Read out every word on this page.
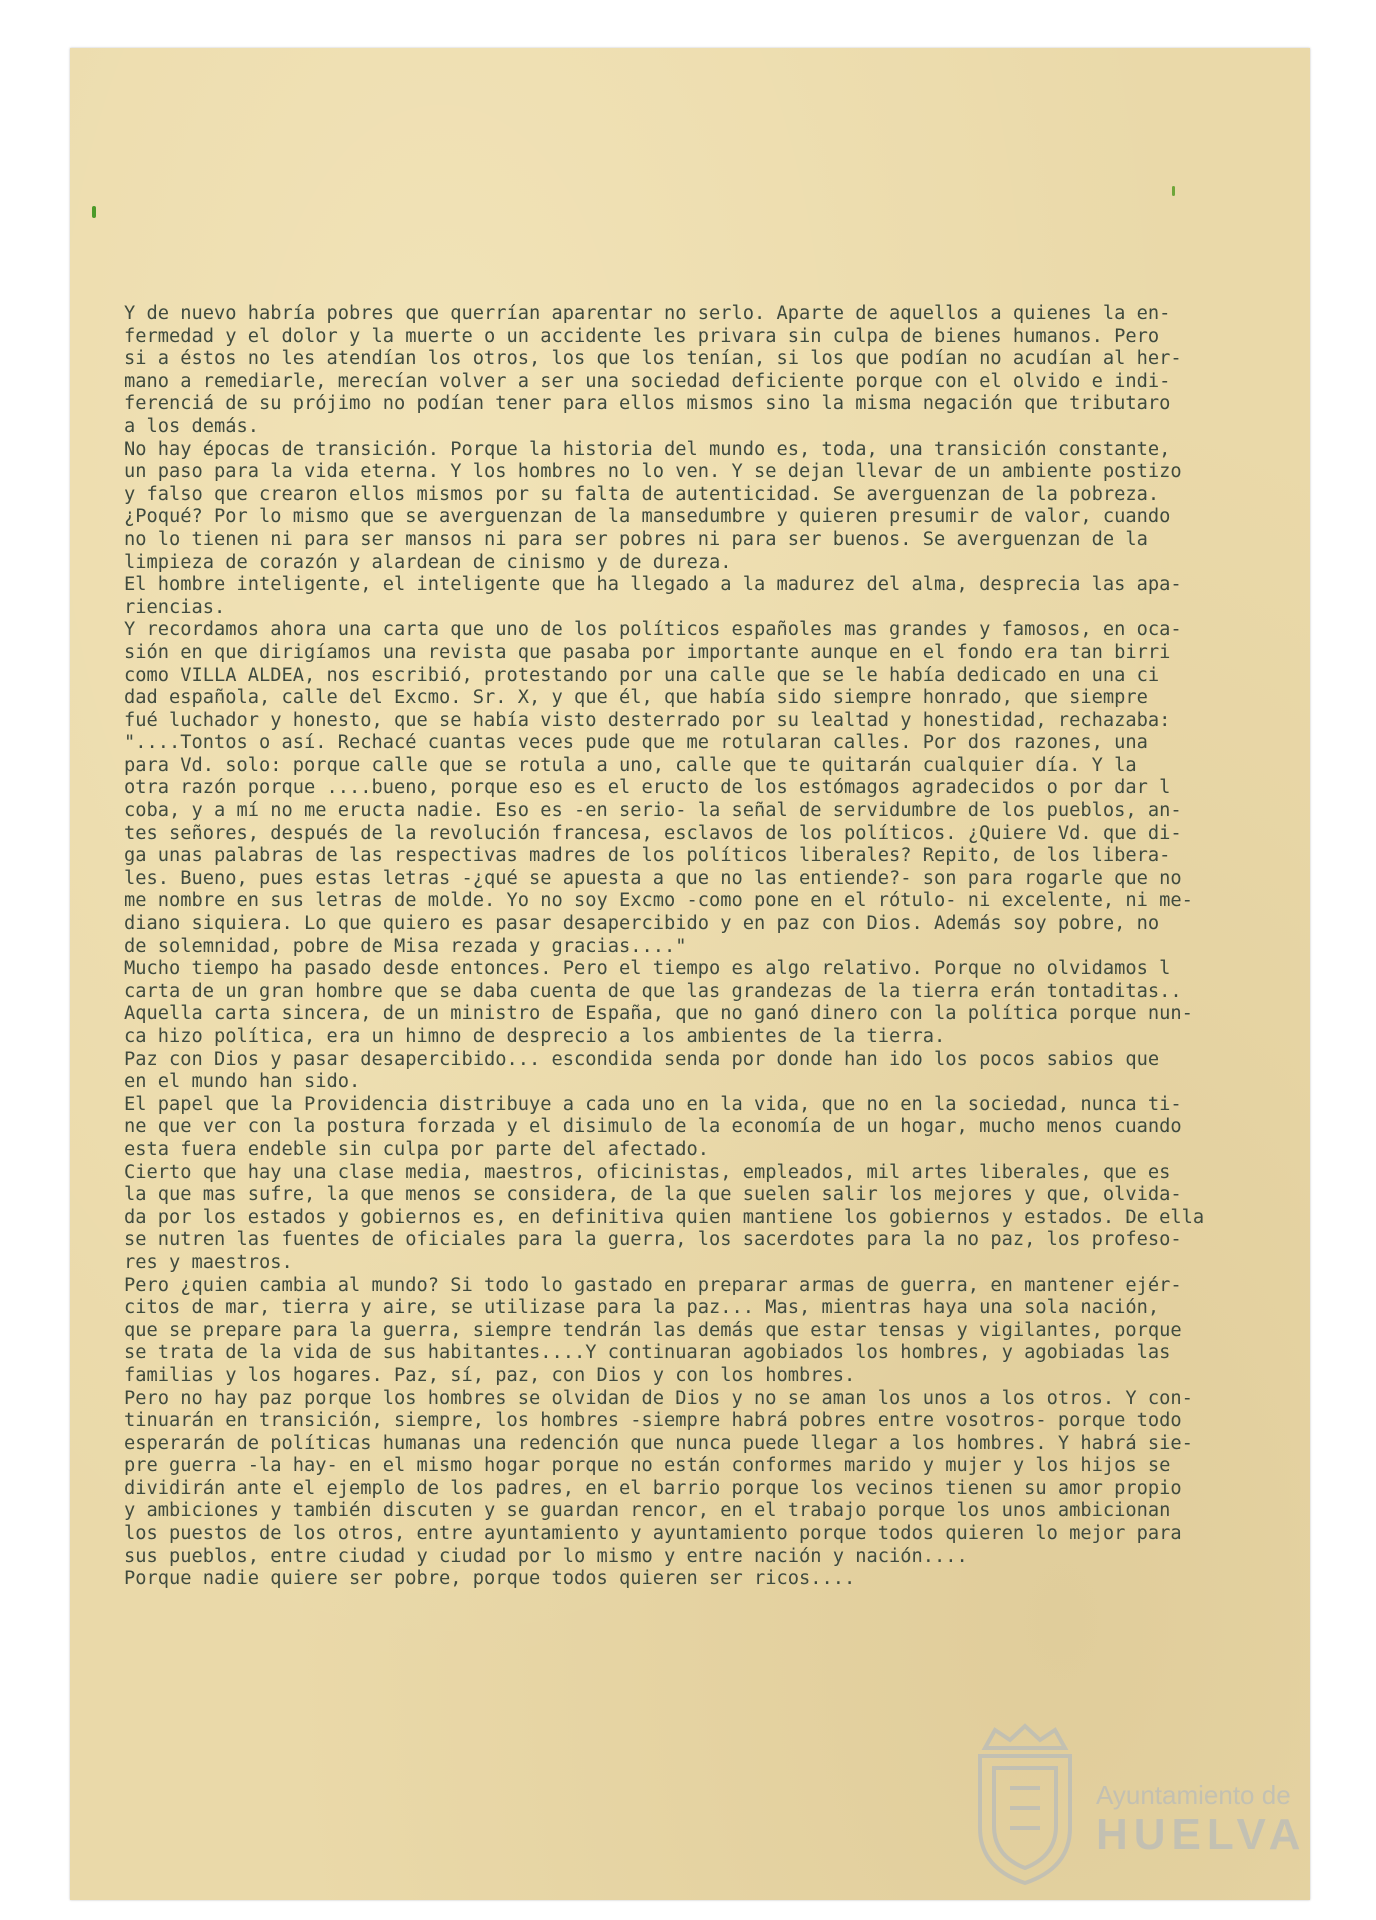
Y de nuevo habría pobres que querrían aparentar no serlo. Aparte de aquellos a quienes la en-
fermedad y el dolor y la muerte o un accidente les privara sin culpa de bienes humanos. Pero
si a éstos no les atendían los otros, los que los tenían, si los que podían no acudían al her-
mano a remediarle, merecían volver a ser una sociedad deficiente porque con el olvido e indi-
ferenciá de su prójimo no podían tener para ellos mismos sino la misma negación que tributaro
a los demás.
No hay épocas de transición. Porque la historia del mundo es, toda, una transición constante,
un paso para la vida eterna. Y los hombres no lo ven. Y se dejan llevar de un ambiente postizo
y falso que crearon ellos mismos por su falta de autenticidad. Se averguenzan de la pobreza.
¿Poqué? Por lo mismo que se averguenzan de la mansedumbre y quieren presumir de valor, cuando
no lo tienen ni para ser mansos ni para ser pobres ni para ser buenos. Se averguenzan de la
limpieza de corazón y alardean de cinismo y de dureza.
El hombre inteligente, el inteligente que ha llegado a la madurez del alma, desprecia las apa-
riencias.
Y recordamos ahora una carta que uno de los políticos españoles mas grandes y famosos, en oca-
sión en que dirigíamos una revista que pasaba por importante aunque en el fondo era tan birri
como VILLA ALDEA, nos escribió, protestando por una calle que se le había dedicado en una ci
dad española, calle del Excmo. Sr. X, y que él, que había sido siempre honrado, que siempre
fué luchador y honesto, que se había visto desterrado por su lealtad y honestidad, rechazaba:
"....Tontos o así. Rechacé cuantas veces pude que me rotularan calles. Por dos razones, una
para Vd. solo: porque calle que se rotula a uno, calle que te quitarán cualquier día. Y la
otra razón porque ....bueno, porque eso es el eructo de los estómagos agradecidos o por dar l
coba, y a mí no me eructa nadie. Eso es -en serio- la señal de servidumbre de los pueblos, an-
tes señores, después de la revolución francesa, esclavos de los políticos. ¿Quiere Vd. que di-
ga unas palabras de las respectivas madres de los políticos liberales? Repito, de los libera-
les. Bueno, pues estas letras -¿qué se apuesta a que no las entiende?- son para rogarle que no
me nombre en sus letras de molde. Yo no soy Excmo -como pone en el rótulo- ni excelente, ni me-
diano siquiera. Lo que quiero es pasar desapercibido y en paz con Dios. Además soy pobre, no
de solemnidad, pobre de Misa rezada y gracias...."
Mucho tiempo ha pasado desde entonces. Pero el tiempo es algo relativo. Porque no olvidamos l
carta de un gran hombre que se daba cuenta de que las grandezas de la tierra erán tontaditas..
Aquella carta sincera, de un ministro de España, que no ganó dinero con la política porque nun-
ca hizo política, era un himno de desprecio a los ambientes de la tierra.
Paz con Dios y pasar desapercibido... escondida senda por donde han ido los pocos sabios que
en el mundo han sido.
El papel que la Providencia distribuye a cada uno en la vida, que no en la sociedad, nunca ti-
ne que ver con la postura forzada y el disimulo de la economía de un hogar, mucho menos cuando
esta fuera endeble sin culpa por parte del afectado.
Cierto que hay una clase media, maestros, oficinistas, empleados, mil artes liberales, que es
la que mas sufre, la que menos se considera, de la que suelen salir los mejores y que, olvida-
da por los estados y gobiernos es, en definitiva quien mantiene los gobiernos y estados. De ella
se nutren las fuentes de oficiales para la guerra, los sacerdotes para la no paz, los profeso-
res y maestros.
Pero ¿quien cambia al mundo? Si todo lo gastado en preparar armas de guerra, en mantener ejér-
citos de mar, tierra y aire, se utilizase para la paz... Mas, mientras haya una sola nación,
que se prepare para la guerra, siempre tendrán las demás que estar tensas y vigilantes, porque
se trata de la vida de sus habitantes....Y continuaran agobiados los hombres, y agobiadas las
familias y los hogares. Paz, sí, paz, con Dios y con los hombres.
Pero no hay paz porque los hombres se olvidan de Dios y no se aman los unos a los otros. Y con-
tinuarán en transición, siempre, los hombres -siempre habrá pobres entre vosotros- porque todo
esperarán de políticas humanas una redención que nunca puede llegar a los hombres. Y habrá sie-
pre guerra -la hay- en el mismo hogar porque no están conformes marido y mujer y los hijos se
dividirán ante el ejemplo de los padres, en el barrio porque los vecinos tienen su amor propio
y ambiciones y también discuten y se guardan rencor, en el trabajo porque los unos ambicionan
los puestos de los otros, entre ayuntamiento y ayuntamiento porque todos quieren lo mejor para
sus pueblos, entre ciudad y ciudad por lo mismo y entre nación y nación....
Porque nadie quiere ser pobre, porque todos quieren ser ricos....
Ayuntamiento de
HUELVA
